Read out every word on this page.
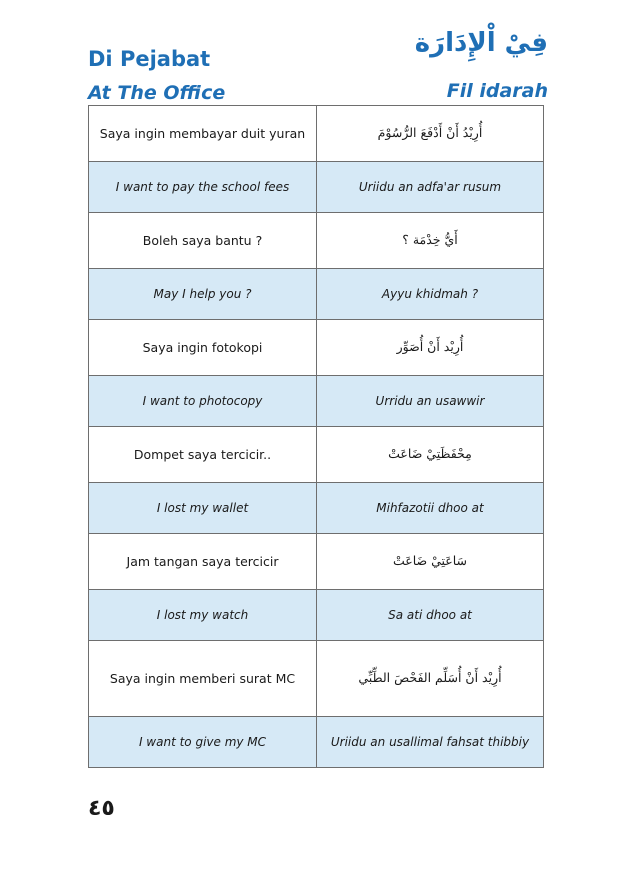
Di Pejabat
At The Office
فِيْ اْلإِدَارَة
Fil idarah
Saya ingin membayar duit yuran	أُرِيْدُ أَنْ أَدْفَعَ الرُّسُوْمَ
I want to pay the school fees	Uriidu an adfa'ar rusum
Boleh saya bantu ?	أَيُّ خِدْمَة ؟
May I help you ?	Ayyu khidmah ?
Saya ingin fotokopi	أُرِيْد أَنْ أُصَوِّر
I want to photocopy	Urridu an usawwir
Dompet saya tercicir..	مِحْفَظَتِيْ ضَاعَتْ
I lost my wallet	Mihfazotii dhoo at
Jam tangan saya tercicir	سَاعَتِيْ ضَاعَتْ
I lost my watch	Sa ati dhoo at
Saya ingin memberi surat MC	أُرِيْد أَنْ أُسَلِّم الفَحْصَ الطِّبِّي
I want to give my MC	Uriidu an usallimal fahsat thibbiy
٤٥
